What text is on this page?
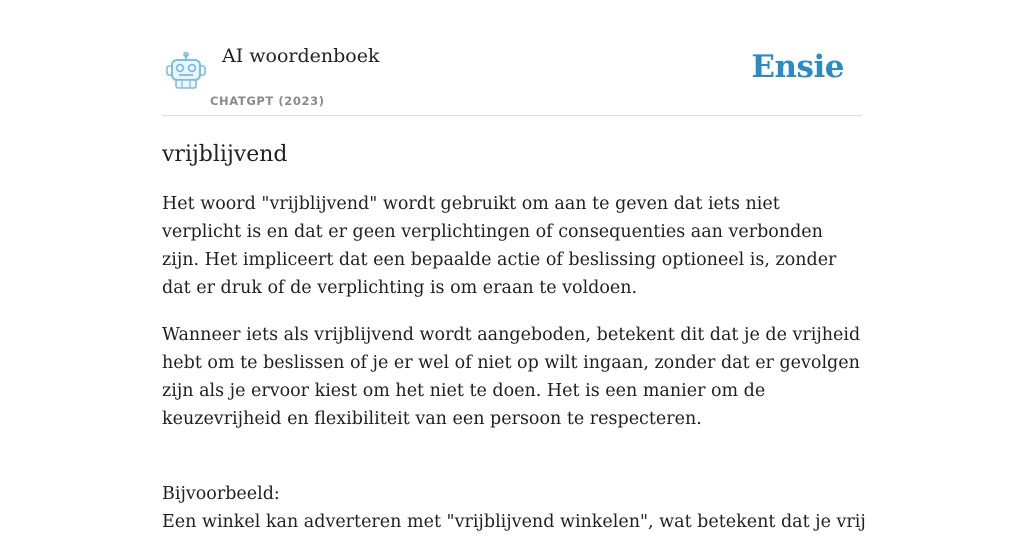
AI woordenboek
CHATGPT (2023)
Ensie
vrijblijvend

Het woord "vrijblijvend" wordt gebruikt om aan te geven dat iets niet verplicht is en dat er geen verplichtingen of consequenties aan verbonden zijn. Het impliceert dat een bepaalde actie of beslissing optioneel is, zonder dat er druk of de verplichting is om eraan te voldoen.

Wanneer iets als vrijblijvend wordt aangeboden, betekent dit dat je de vrijheid hebt om te beslissen of je er wel of niet op wilt ingaan, zonder dat er gevolgen zijn als je ervoor kiest om het niet te doen. Het is een manier om de keuzevrijheid en flexibiliteit van een persoon te respecteren.

Bijvoorbeeld:
Een winkel kan adverteren met "vrijblijvend winkelen", wat betekent dat je vrij
